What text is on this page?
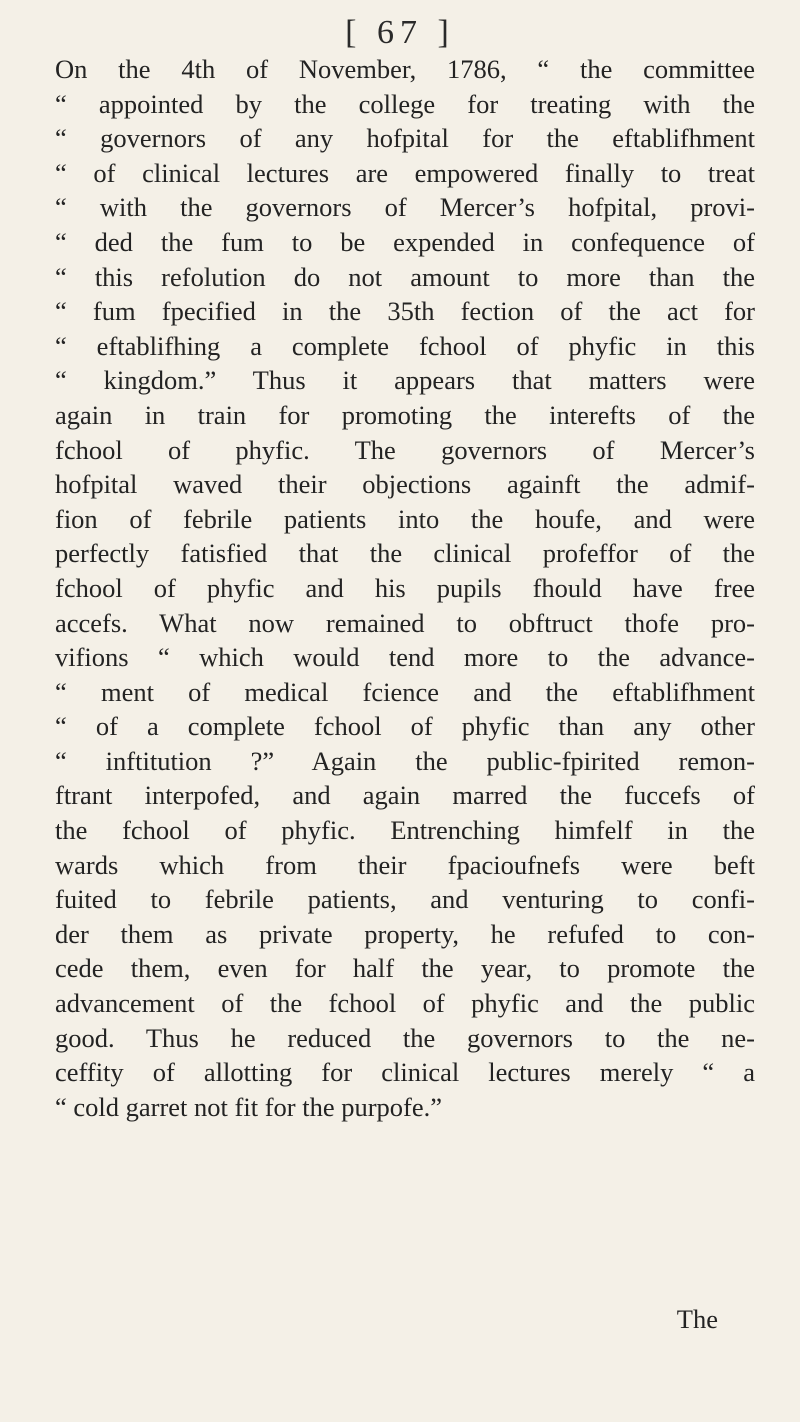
[ 67 ]
On the 4th of November, 1786, “ the committee
“ appointed by the college for treating with the
“ governors of any hofpital for the eftablifhment
“ of clinical lectures are empowered finally to treat
“ with the governors of Mercer’s hofpital, provi-
“ ded the fum to be expended in confequence of
“ this refolution do not amount to more than the
“ fum fpecified in the 35th fection of the act for
“ eftablifhing a complete fchool of phyfic in this
“ kingdom.” Thus it appears that matters were
again in train for promoting the interefts of the
fchool of phyfic. The governors of Mercer’s
hofpital waved their objections againft the admif-
fion of febrile patients into the houfe, and were
perfectly fatisfied that the clinical profeffor of the
fchool of phyfic and his pupils fhould have free
accefs. What now remained to obftruct thofe pro-
vifions “ which would tend more to the advance-
“ ment of medical fcience and the eftablifhment
“ of a complete fchool of phyfic than any other
“ inftitution ?” Again the public-fpirited remon-
ftrant interpofed, and again marred the fuccefs of
the fchool of phyfic. Entrenching himfelf in the
wards which from their fpacioufnefs were beft
fuited to febrile patients, and venturing to confi-
der them as private property, he refufed to con-
cede them, even for half the year, to promote the
advancement of the fchool of phyfic and the public
good. Thus he reduced the governors to the ne-
ceffity of allotting for clinical lectures merely “ a
“ cold garret not fit for the purpofe.”
The
